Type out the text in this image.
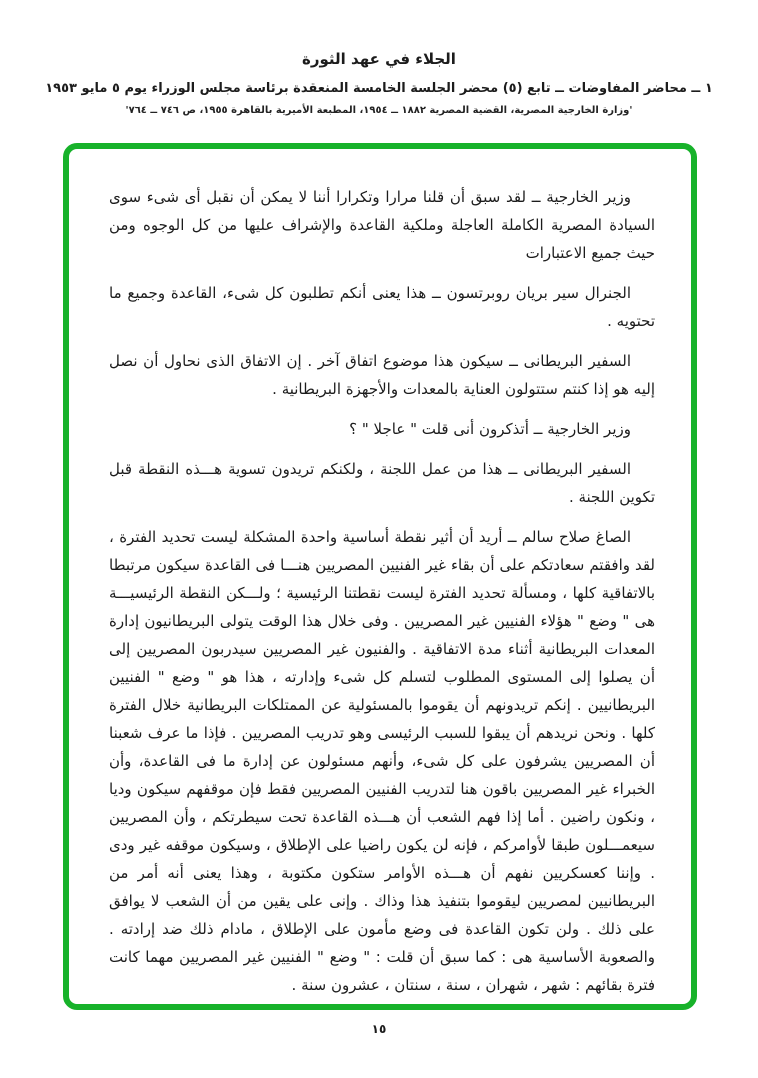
الجلاء في عهد الثورة
١ ــ محاضر المفاوضات ــ تابع (٥) محضر الجلسة الخامسة المنعقدة برئاسة مجلس الوزراء يوم ٥ مايو ١٩٥٣
'وزارة الخارجية المصرية، القضية المصرية ١٨٨٢ ــ ١٩٥٤، المطبعة الأميرية بالقاهرة ١٩٥٥، ص ٧٤٦ ــ ٧٦٤'

وزير الخارجية ــ لقد سبق أن قلنا مرارا وتكرارا أننا لا يمكن أن نقبل أى شىء سوى السيادة المصرية الكاملة العاجلة وملكية القاعدة والإشراف عليها من كل الوجوه ومن حيث جميع الاعتبارات

الجنرال سير بريان روبرتسون ــ هذا يعنى أنكم تطلبون كل شىء، القاعدة وجميع ما تحتويه .

السفير البريطانى ــ سيكون هذا موضوع اتفاق آخر . إن الاتفاق الذى نحاول أن نصل إليه هو إذا كنتم ستتولون العناية بالمعدات والأجهزة البريطانية .

وزير الخارجية ــ أتذكرون أنى قلت " عاجلا " ؟

السفير البريطانى ــ هذا من عمل اللجنة ، ولكنكم تريدون تسوية هـــذه النقطة قبل تكوين اللجنة .

الصاغ صلاح سالم ــ أريد أن أثير نقطة أساسية واحدة المشكلة ليست تحديد الفترة ، لقد وافقتم سعادتكم على أن بقاء غير الفنيين المصريين هنـــا فى القاعدة سيكون مرتبطا بالاتفاقية كلها ، ومسألة تحديد الفترة ليست نقطتنا الرئيسية ؛ ولـــكن النقطة الرئيسيـــة هى " وضع " هؤلاء الفنيين غير المصريين . وفى خلال هذا الوقت يتولى البريطانيون إدارة المعدات البريطانية أثناء مدة الاتفاقية . والفنيون غير المصريين سيدربون المصريين إلى أن يصلوا إلى المستوى المطلوب لتسلم كل شىء وإدارته ، هذا هو " وضع " الفنيين البريطانيين . إنكم تريدونهم أن يقوموا بالمسئولية عن الممتلكات البريطانية خلال الفترة كلها . ونحن نريدهم أن يبقوا للسبب الرئيسى وهو تدريب المصريين . فإذا ما عرف شعبنا أن المصريين يشرفون على كل شىء، وأنهم مسئولون عن إدارة ما فى القاعدة، وأن الخبراء غير المصريين باقون هنا لتدريب الفنيين المصريين فقط فإن موقفهم سيكون وديا ، ونكون راضين . أما إذا فهم الشعب أن هـــذه القاعدة تحت سيطرتكم ، وأن المصريين سيعمـــلون طبقا لأوامركم ، فإنه لن يكون راضيا على الإطلاق ، وسيكون موقفه غير ودى . وإننا كعسكريين نفهم أن هـــذه الأوامر ستكون مكتوبة ، وهذا يعنى أنه أمر من البريطانيين لمصريين ليقوموا بتنفيذ هذا وذاك . وإنى على يقين من أن الشعب لا يوافق على ذلك . ولن تكون القاعدة فى وضع مأمون على الإطلاق ، مادام ذلك ضد إرادته . والصعوبة الأساسية هى : كما سبق أن قلت : " وضع " الفنيين غير المصريين مهما كانت فترة بقائهم : شهر ، شهران ، سنة ، سنتان ، عشرون سنة .

١٥
